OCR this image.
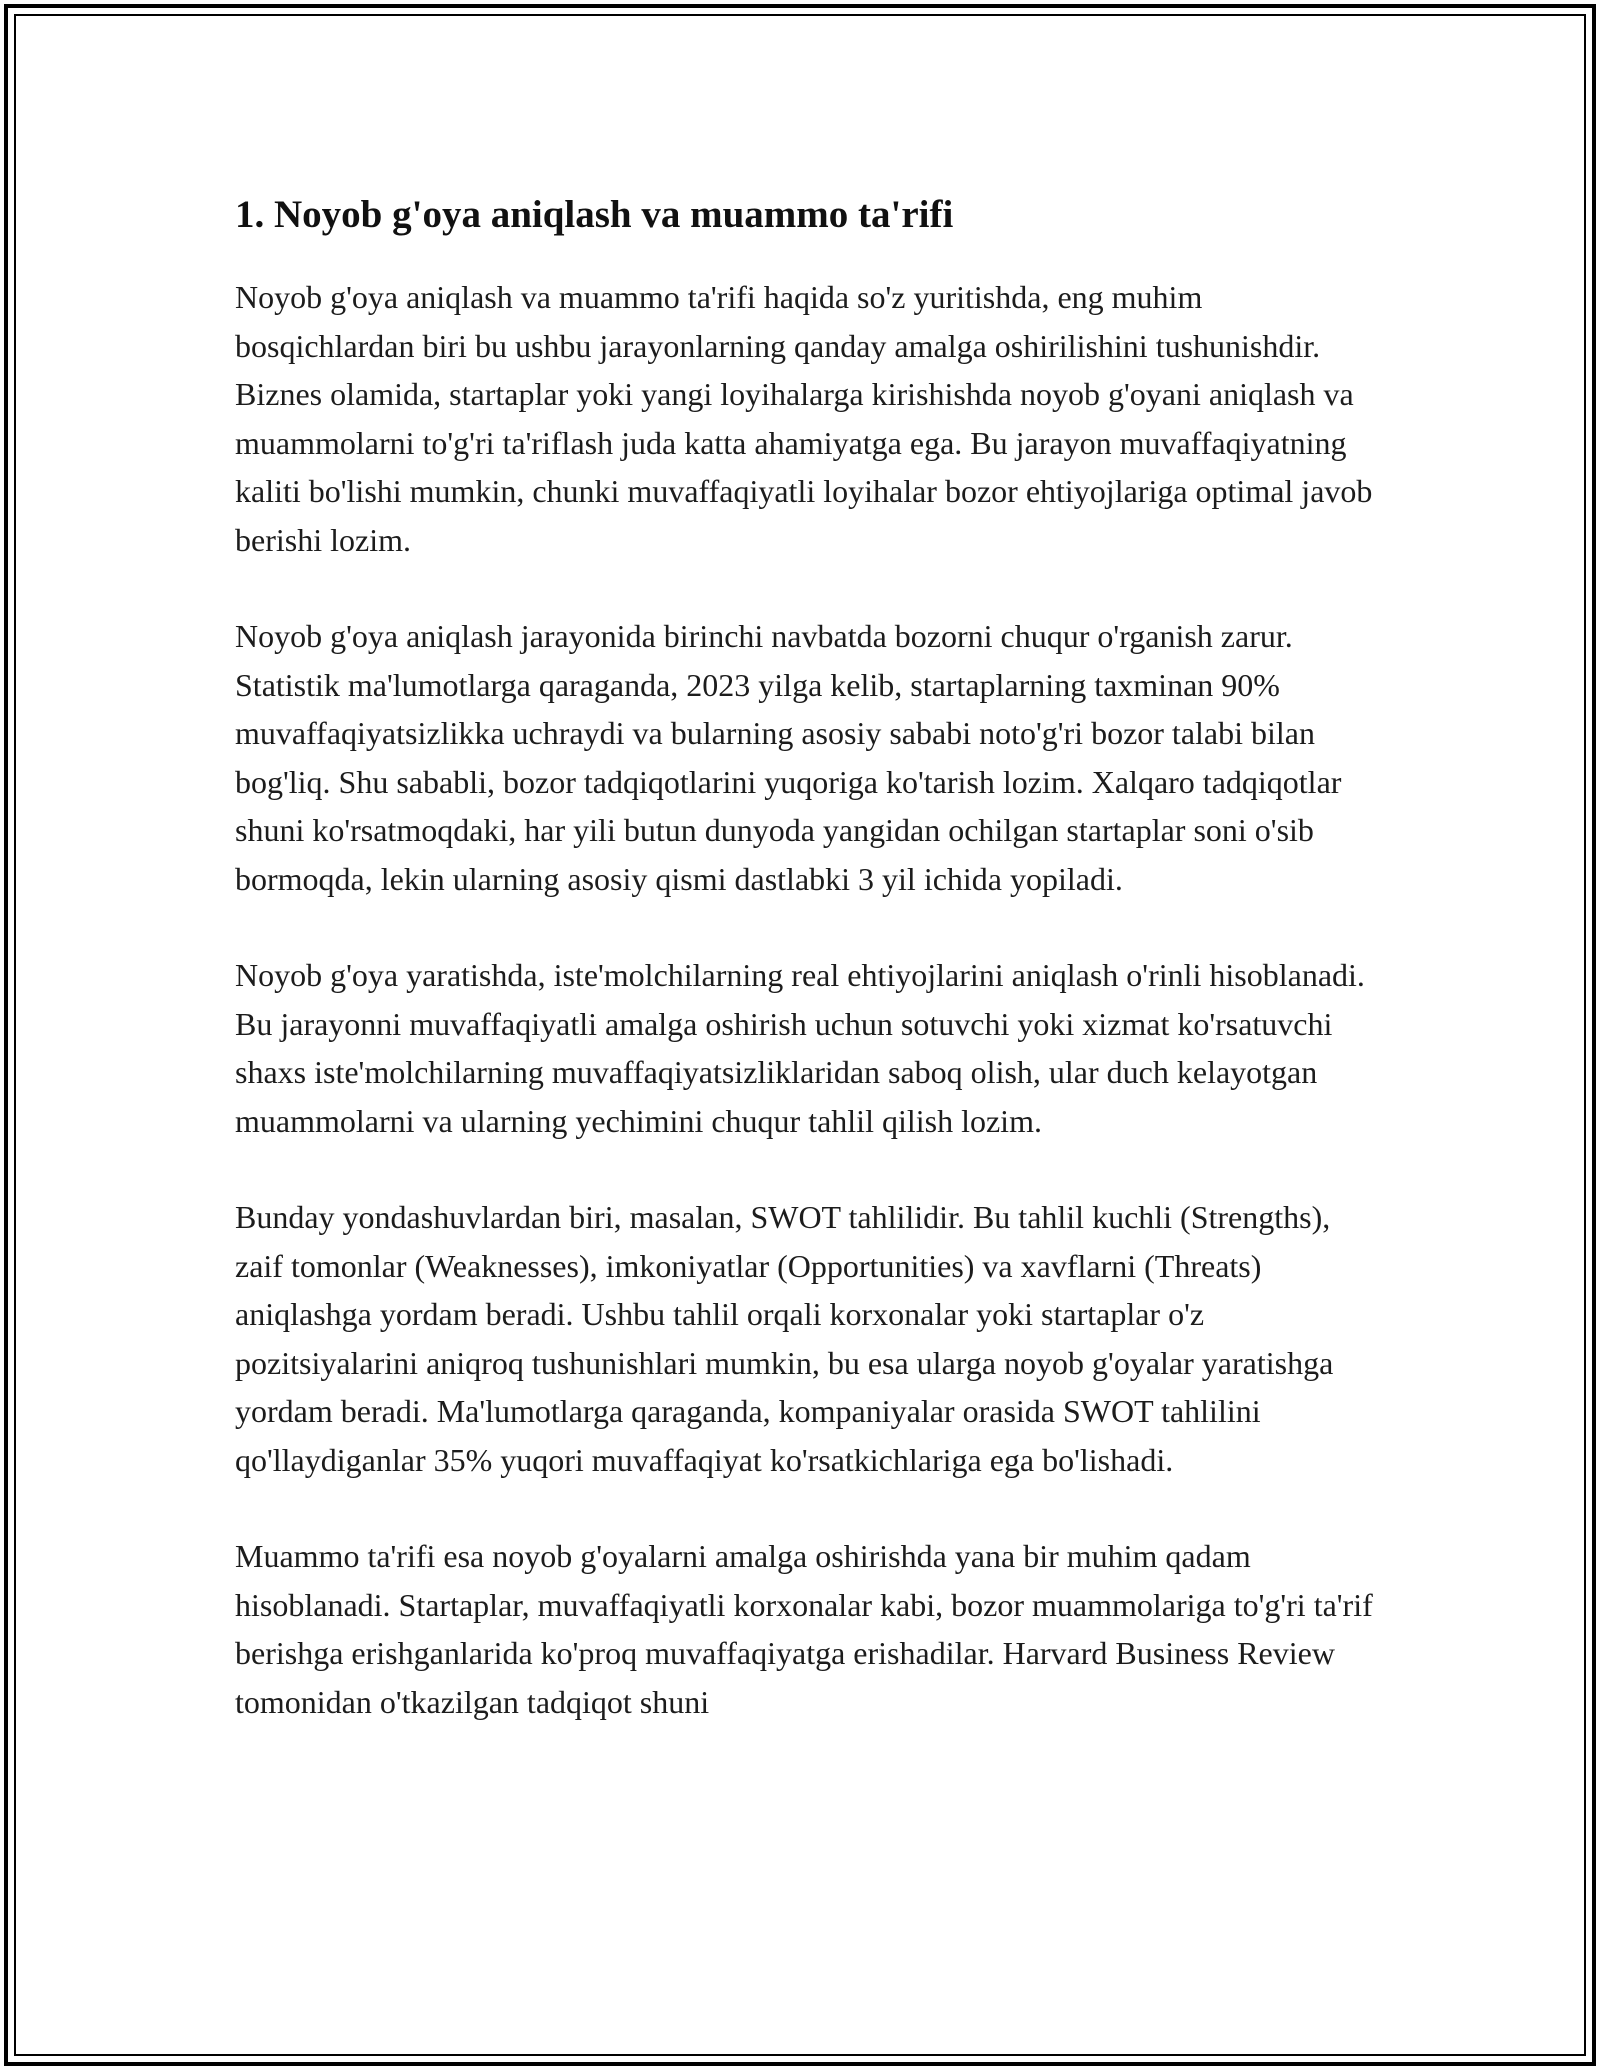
1. Noyob g'oya aniqlash va muammo ta'rifi

Noyob g'oya aniqlash va muammo ta'rifi haqida so'z yuritishda, eng muhim bosqichlardan biri bu ushbu jarayonlarning qanday amalga oshirilishini tushunishdir. Biznes olamida, startaplar yoki yangi loyihalarga kirishishda noyob g'oyani aniqlash va muammolarni to'g'ri ta'riflash juda katta ahamiyatga ega. Bu jarayon muvaffaqiyatning kaliti bo'lishi mumkin, chunki muvaffaqiyatli loyihalar bozor ehtiyojlariga optimal javob berishi lozim.

Noyob g'oya aniqlash jarayonida birinchi navbatda bozorni chuqur o'rganish zarur. Statistik ma'lumotlarga qaraganda, 2023 yilga kelib, startaplarning taxminan 90% muvaffaqiyatsizlikka uchraydi va bularning asosiy sababi noto'g'ri bozor talabi bilan bog'liq. Shu sababli, bozor tadqiqotlarini yuqoriga ko'tarish lozim. Xalqaro tadqiqotlar shuni ko'rsatmoqdaki, har yili butun dunyoda yangidan ochilgan startaplar soni o'sib bormoqda, lekin ularning asosiy qismi dastlabki 3 yil ichida yopiladi.

Noyob g'oya yaratishda, iste'molchilarning real ehtiyojlarini aniqlash o'rinli hisoblanadi. Bu jarayonni muvaffaqiyatli amalga oshirish uchun sotuvchi yoki xizmat ko'rsatuvchi shaxs iste'molchilarning muvaffaqiyatsizliklaridan saboq olish, ular duch kelayotgan muammolarni va ularning yechimini chuqur tahlil qilish lozim.

Bunday yondashuvlardan biri, masalan, SWOT tahlilidir. Bu tahlil kuchli (Strengths), zaif tomonlar (Weaknesses), imkoniyatlar (Opportunities) va xavflarni (Threats) aniqlashga yordam beradi. Ushbu tahlil orqali korxonalar yoki startaplar o'z pozitsiyalarini aniqroq tushunishlari mumkin, bu esa ularga noyob g'oyalar yaratishga yordam beradi. Ma'lumotlarga qaraganda, kompaniyalar orasida SWOT tahlilini qo'llaydiganlar 35% yuqori muvaffaqiyat ko'rsatkichlariga ega bo'lishadi.

Muammo ta'rifi esa noyob g'oyalarni amalga oshirishda yana bir muhim qadam hisoblanadi. Startaplar, muvaffaqiyatli korxonalar kabi, bozor muammolariga to'g'ri ta'rif berishga erishganlarida ko'proq muvaffaqiyatga erishadilar. Harvard Business Review tomonidan o'tkazilgan tadqiqot shuni
